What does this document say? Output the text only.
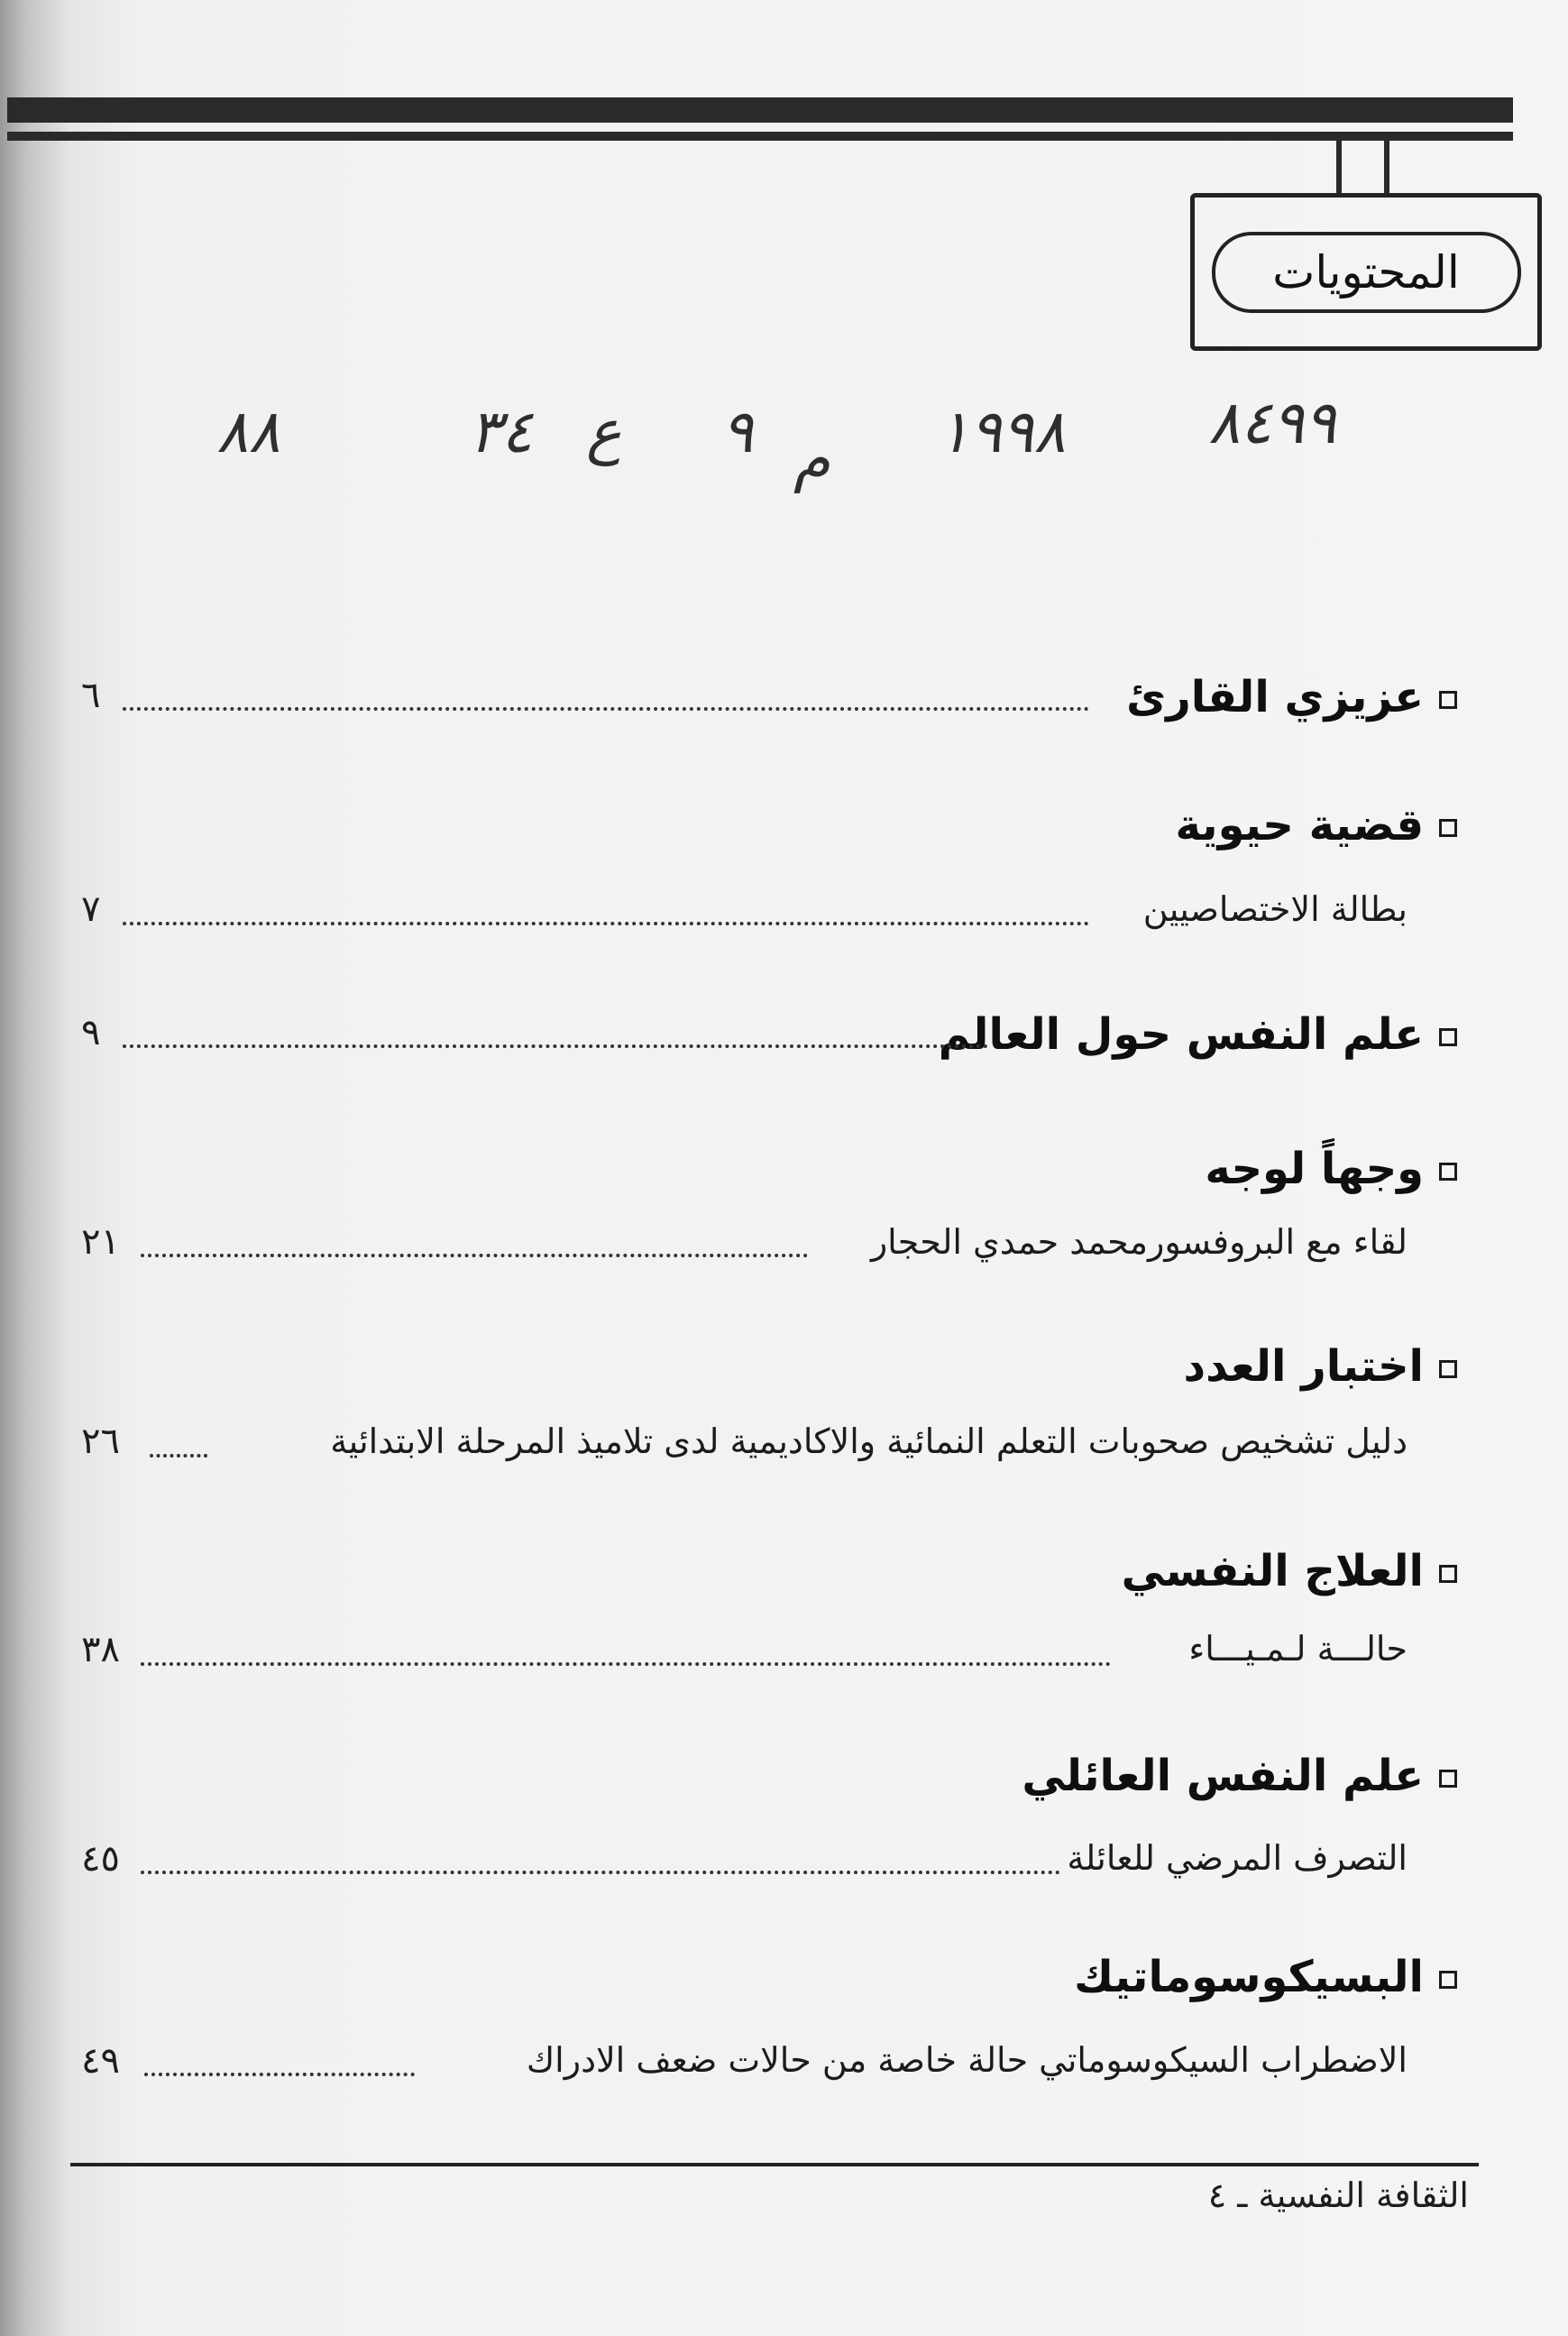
المحتويات
٨٨	٣٤ ع ٩ م ١٩٩٨ ٨٤٩٩
عزيزي القارئ
٦
قضية حيوية
بطالة الاختصاصيين
٧
علم النفس حول العالم
٩
وجهاً لوجه
لقاء مع البروفسورمحمد حمدي الحجار
٢١
اختبار العدد
دليل تشخيص صحوبات التعلم النمائية والاكاديمية لدى تلاميذ المرحلة الابتدائية
٢٦
العلاج النفسي
حالـــة لـمـيـــاء
٣٨
علم النفس العائلي
التصرف المرضي للعائلة
٤٥
البسيكوسوماتيك
الاضطراب السيكوسوماتي حالة خاصة من حالات ضعف الادراك
٤٩
الثقافة النفسية ـ ٤
